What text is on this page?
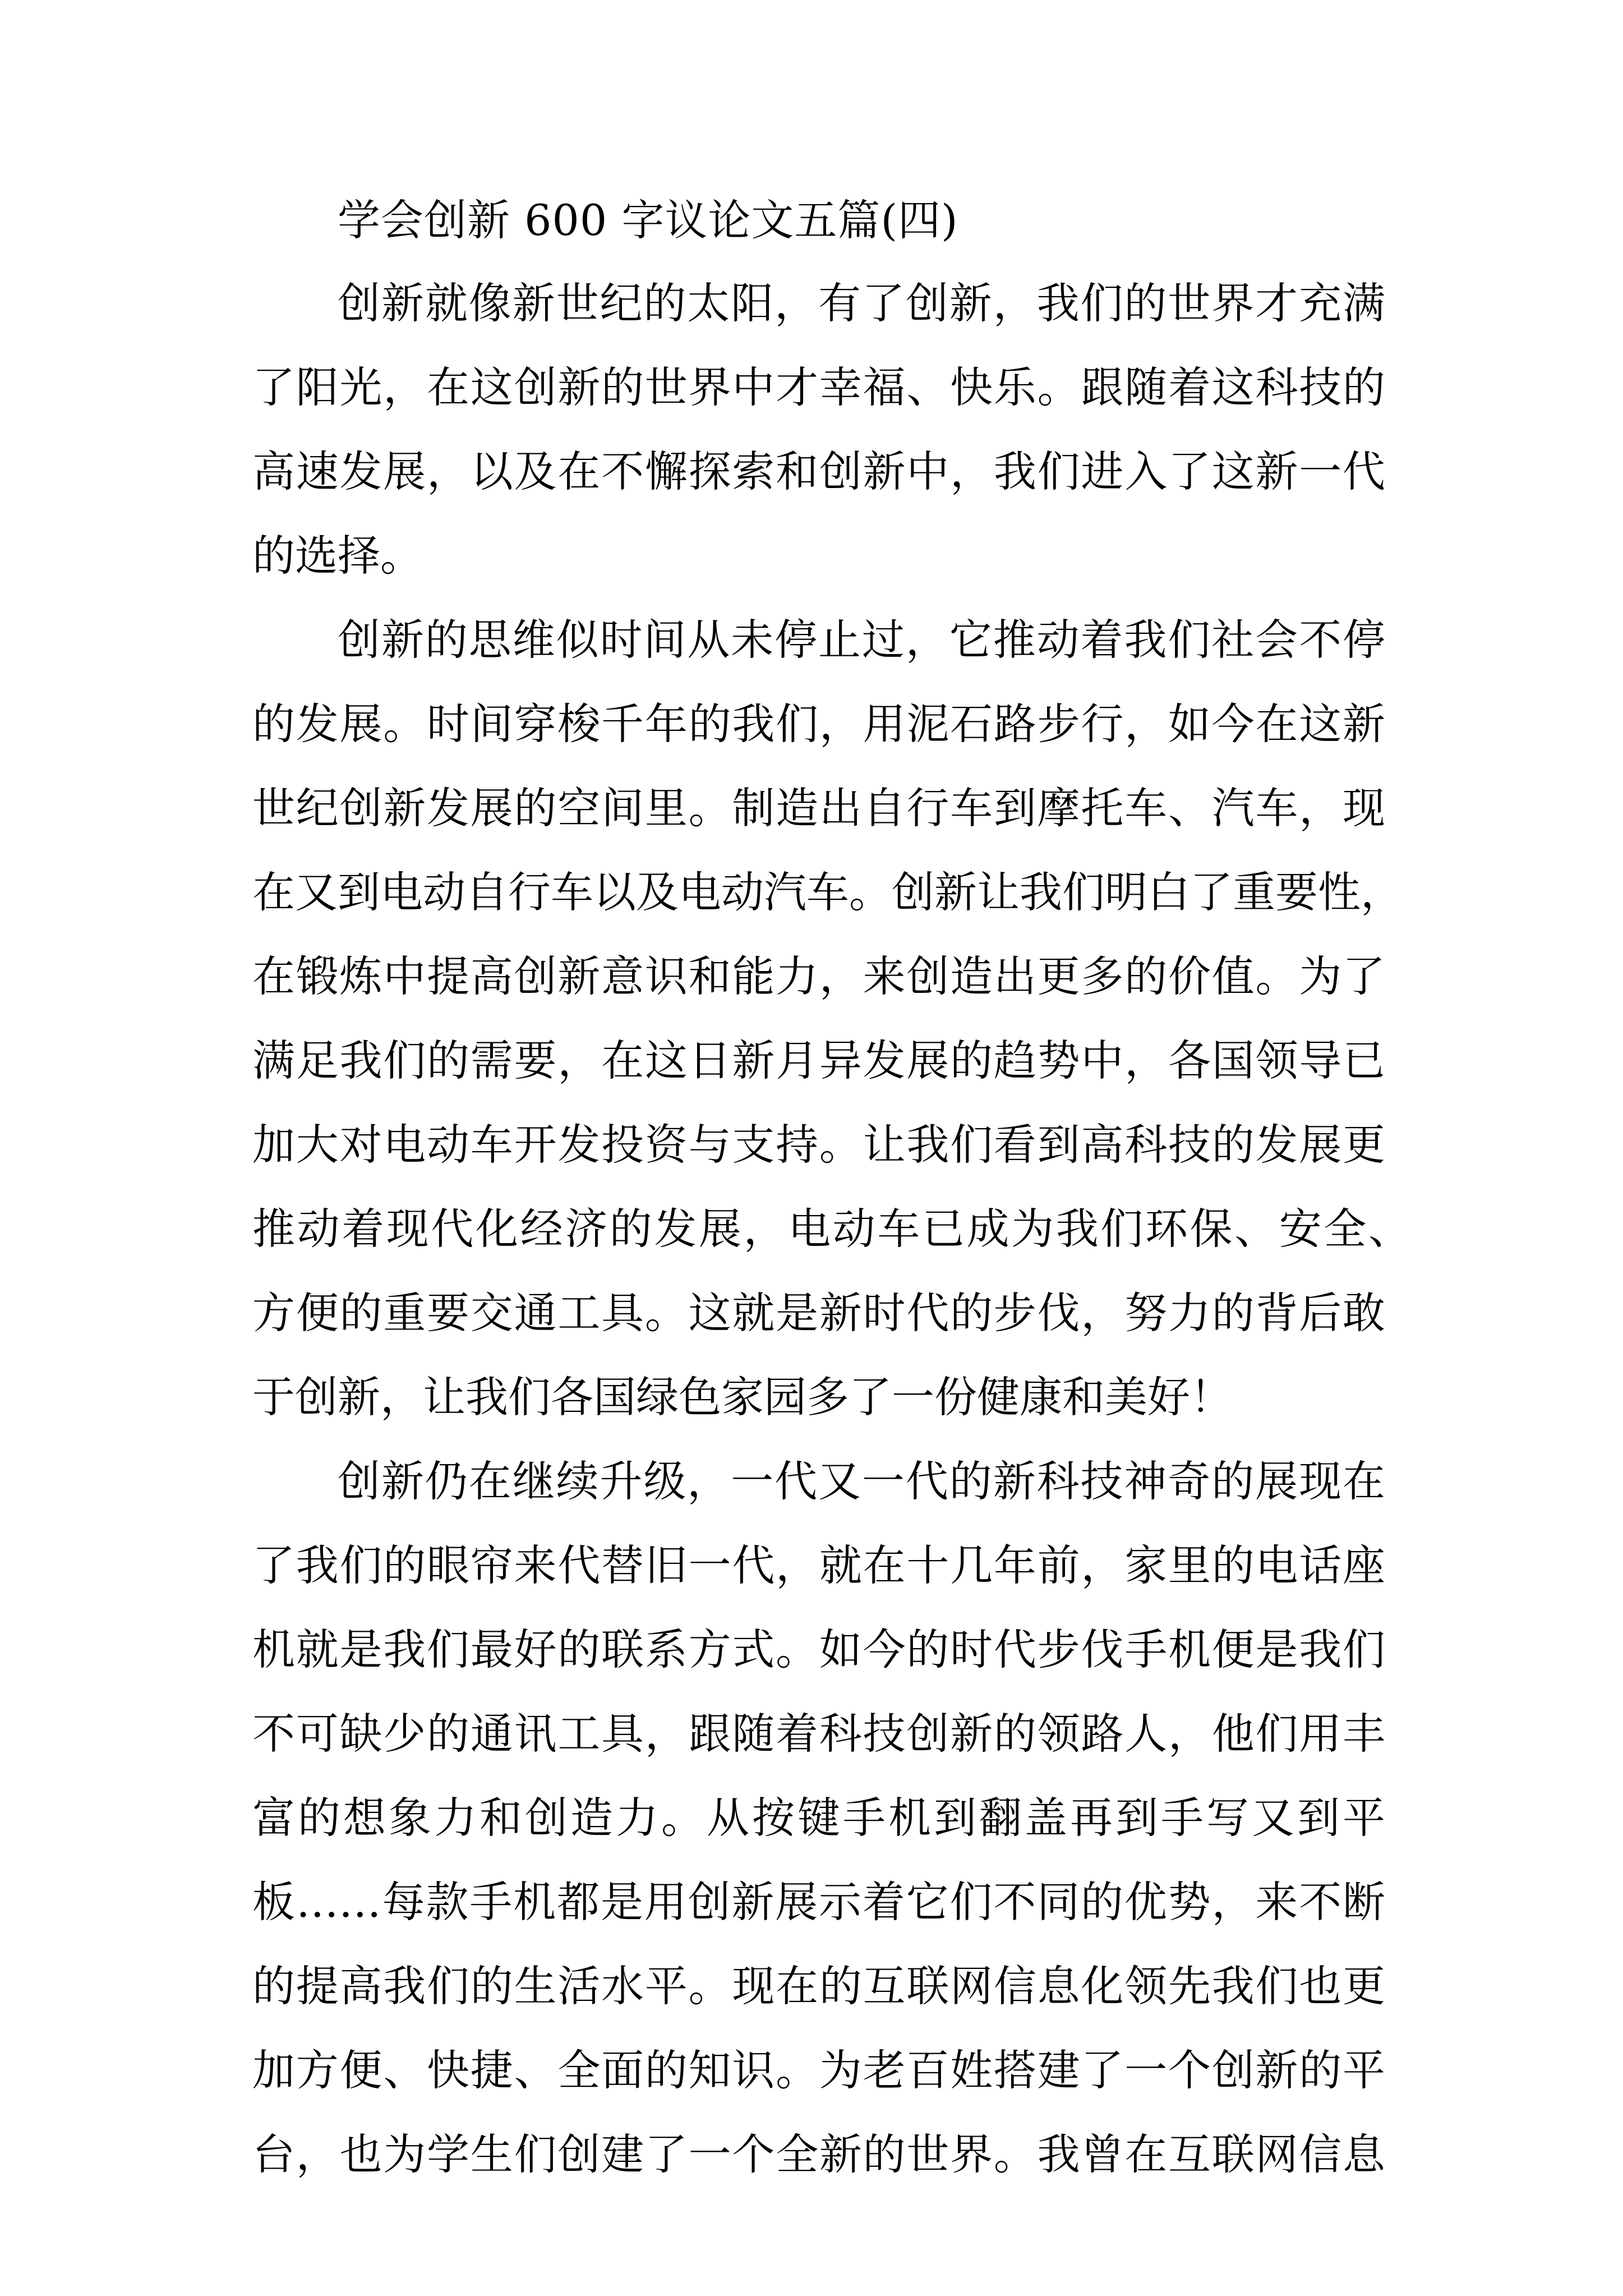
学会创新 600 字议论文五篇(四)
创新就像新世纪的太阳，有了创新，我们的世界才充满
了阳光，在这创新的世界中才幸福、快乐。跟随着这科技的
高速发展，以及在不懈探索和创新中，我们进入了这新一代
的选择。
创新的思维似时间从未停止过，它推动着我们社会不停
的发展。时间穿梭千年的我们，用泥石路步行，如今在这新
世纪创新发展的空间里。制造出自行车到摩托车、汽车，现
在又到电动自行车以及电动汽车。创新让我们明白了重要性，
在锻炼中提高创新意识和能力，来创造出更多的价值。为了
满足我们的需要，在这日新月异发展的趋势中，各国领导已
加大对电动车开发投资与支持。让我们看到高科技的发展更
推动着现代化经济的发展，电动车已成为我们环保、安全、
方便的重要交通工具。这就是新时代的步伐，努力的背后敢
于创新，让我们各国绿色家园多了一份健康和美好！
创新仍在继续升级，一代又一代的新科技神奇的展现在
了我们的眼帘来代替旧一代，就在十几年前，家里的电话座
机就是我们最好的联系方式。如今的时代步伐手机便是我们
不可缺少的通讯工具，跟随着科技创新的领路人，他们用丰
富的想象力和创造力。从按键手机到翻盖再到手写又到平
板……每款手机都是用创新展示着它们不同的优势，来不断
的提高我们的生活水平。现在的互联网信息化领先我们也更
加方便、快捷、全面的知识。为老百姓搭建了一个创新的平
台，也为学生们创建了一个全新的世界。我曾在互联网信息
